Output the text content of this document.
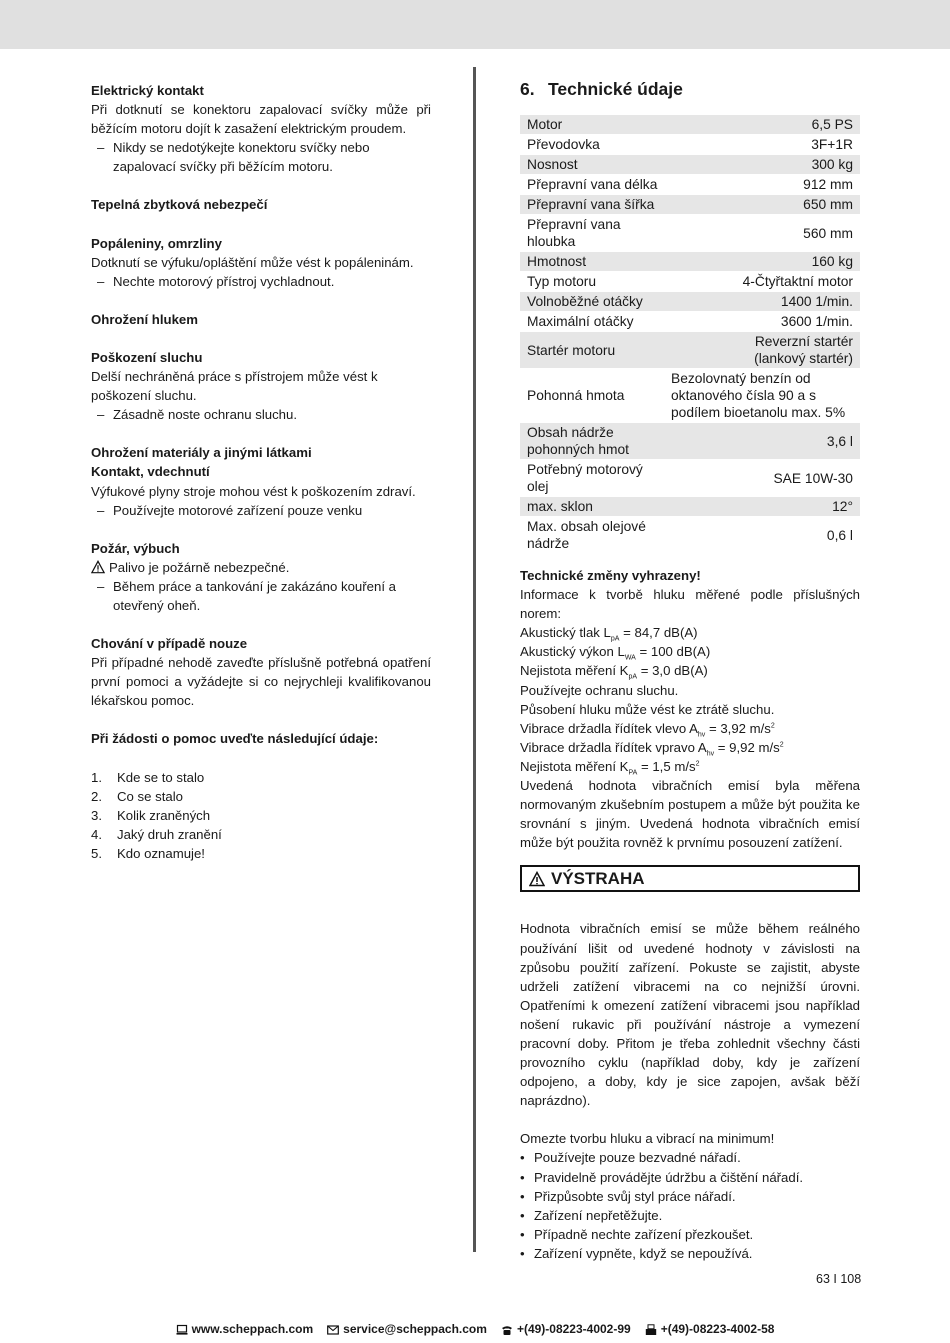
Elektrický kontakt
Při dotknutí se konektoru zapalovací svíčky může při běžícím motoru dojít k zasažení elektrickým proudem.
– Nikdy se nedotýkejte konektoru svíčky nebo zapalovací svíčky při běžícím motoru.
Tepelná zbytková nebezpečí
Popáleniny, omrzliny
Dotknutí se výfuku/opláštění může vést k popáleninám.
– Nechte motorový přístroj vychladnout.
Ohrožení hlukem
Poškození sluchu
Delší nechráněná práce s přístrojem může vést k poškození sluchu.
– Zásadně noste ochranu sluchu.
Ohrožení materiály a jinými látkami
Kontakt, vdechnutí
Výfukové plyny stroje mohou vést k poškozením zdraví.
– Používejte motorové zařízení pouze venku
Požár, výbuch
Palivo je požárně nebezpečné.
– Během práce a tankování je zakázáno kouření a otevřený oheň.
Chování v případě nouze
Při případné nehodě zaveďte příslušně potřebná opatření první pomoci a vyžádejte si co nejrychleji kvalifikovanou lékařskou pomoc.
Při žádosti o pomoc uveďte následující údaje:
1.	Kde se to stalo
2.	Co se stalo
3.	Kolik zraněných
4.	Jaký druh zranění
5.	Kdo oznamuje!
6. Technické údaje
Motor	6,5 PS
Převodovka	3F+1R
Nosnost	300 kg
Přepravní vana délka	912 mm
Přepravní vana šířka	650 mm
Přepravní vana hloubka	560 mm
Hmotnost	160 kg
Typ motoru	4-Čtyřtaktní motor
Volnoběžné otáčky	1400 1/min.
Maximální otáčky	3600 1/min.
Startér motoru	Reverzní startér (lankový startér)
Pohonná hmota	Bezolovnatý benzín od oktanového čísla 90 a s podílem bioetanolu max. 5%
Obsah nádrže pohonných hmot	3,6 l
Potřebný motorový olej	SAE 10W-30
max. sklon	12°
Max. obsah olejové nádrže	0,6 l
Technické změny vyhrazeny!
Informace k tvorbě hluku měřené podle příslušných norem:
Akustický tlak $L_{pA} = 84,7$ dB(A)
Akustický výkon $L_{WA} = 100$ dB(A)
Nejistota měření $K_{pA} = 3,0$ dB(A)
Používejte ochranu sluchu.
Působení hluku může vést ke ztrátě sluchu.
Vibrace držadla řídítek vlevo $A_{hv} = 3,92$ $m/s^2$
Vibrace držadla řídítek vpravo $A_{hv} = 9,92$ $m/s^2$
Nejistota měření $K_{PA} = 1,5$ $m/s^2$
Uvedená hodnota vibračních emisí byla měřena normovaným zkušebním postupem a může být použita ke srovnání s jiným. Uvedená hodnota vibračních emisí může být použita rovněž k prvnímu posouzení zatížení.
VÝSTRAHA
Hodnota vibračních emisí se může během reálného používání lišit od uvedené hodnoty v závislosti na způsobu použití zařízení. Pokuste se zajistit, abyste udrželi zatížení vibracemi na co nejnižší úrovni. Opatřeními k omezení zatížení vibracemi jsou například nošení rukavic při používání nástroje a vymezení pracovní doby. Přitom je třeba zohlednit všechny části provozního cyklu (například doby, kdy je zařízení odpojeno, a doby, kdy je sice zapojen, avšak běží naprázdno).
Omezte tvorbu hluku a vibrací na minimum!
• Používejte pouze bezvadné nářadí.
• Pravidelně provádějte údržbu a čištění nářadí.
• Přizpůsobte svůj styl práce nářadí.
• Zařízení nepřetěžujte.
• Případně nechte zařízení přezkoušet.
• Zařízení vypněte, když se nepoužívá.
63 I 108
www.scheppach.com	service@scheppach.com	+(49)-08223-4002-99	+(49)-08223-4002-58
